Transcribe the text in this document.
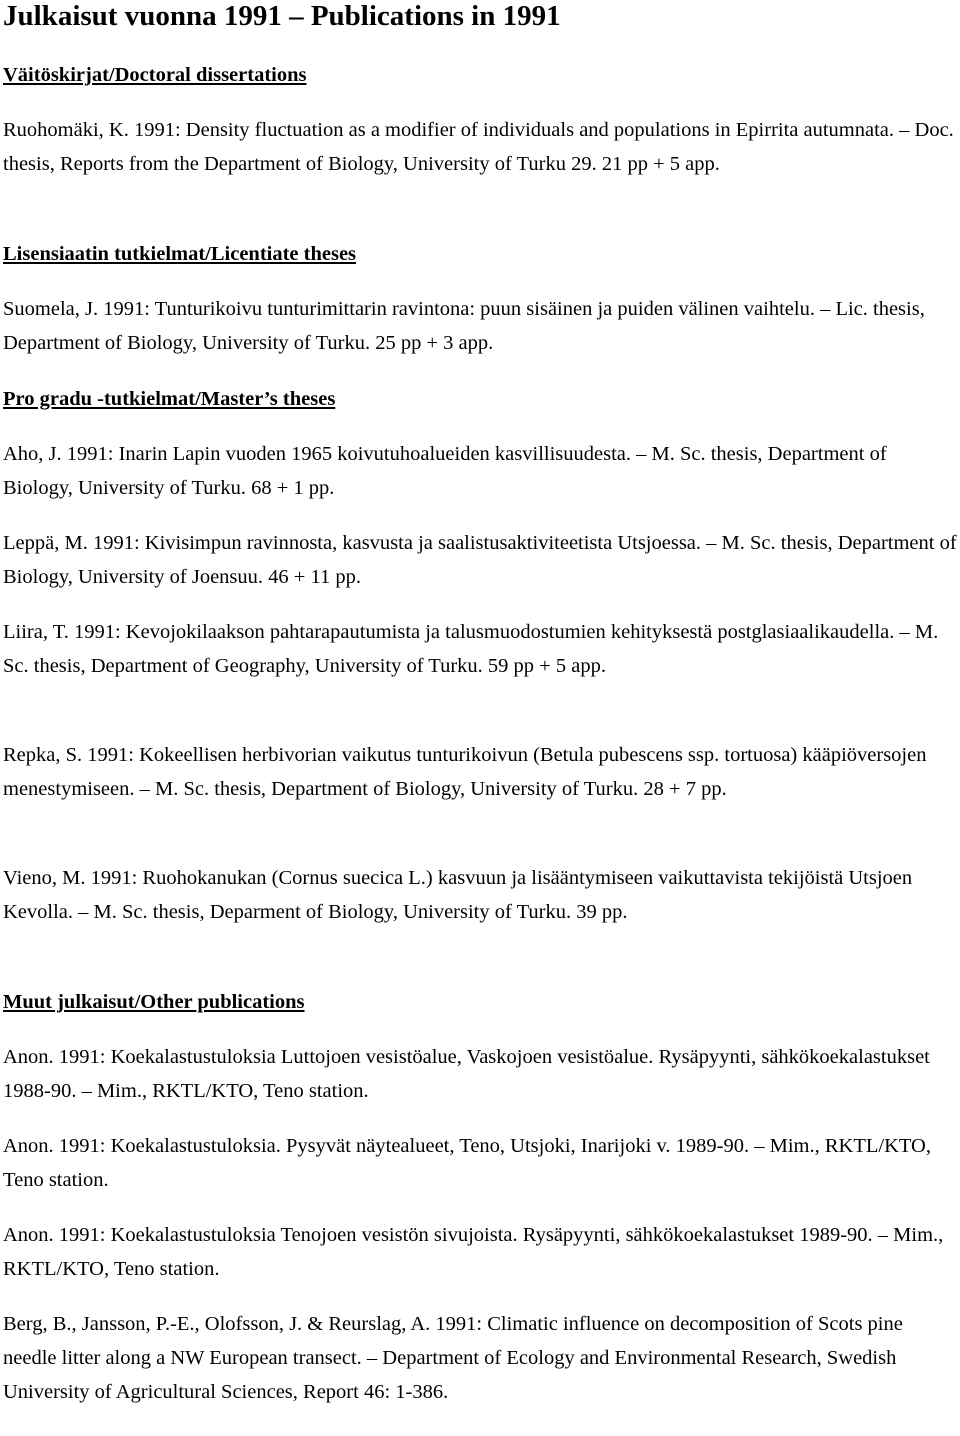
Julkaisut vuonna 1991 – Publications in 1991
Väitöskirjat/Doctoral dissertations

Ruohomäki, K. 1991: Density fluctuation as a modifier of individuals and populations in Epirrita autumnata. – Doc. thesis, Reports from the Department of Biology, University of Turku 29. 21 pp + 5 app.

Lisensiaatin tutkielmat/Licentiate theses

Suomela, J. 1991: Tunturikoivu tunturimittarin ravintona: puun sisäinen ja puiden välinen vaihtelu. – Lic. thesis, Department of Biology, University of Turku. 25 pp + 3 app.

Pro gradu -tutkielmat/Master’s theses

Aho, J. 1991: Inarin Lapin vuoden 1965 koivutuhoalueiden kasvillisuudesta. – M. Sc. thesis, Department of Biology, University of Turku. 68 + 1 pp.

Leppä, M. 1991: Kivisimpun ravinnosta, kasvusta ja saalistusaktiviteetista Utsjoessa. – M. Sc. thesis, Department of Biology, University of Joensuu. 46 + 11 pp.

Liira, T. 1991: Kevojokilaakson pahtarapautumista ja talusmuodostumien kehityksestä postglasiaalikaudella. – M. Sc. thesis, Department of Geography, University of Turku. 59 pp + 5 app.

Repka, S. 1991: Kokeellisen herbivorian vaikutus tunturikoivun (Betula pubescens ssp. tortuosa) kääpiöversojen menestymiseen. – M. Sc. thesis, Department of Biology, University of Turku. 28 + 7 pp.

Vieno, M. 1991: Ruohokanukan (Cornus suecica L.) kasvuun ja lisääntymiseen vaikuttavista tekijöistä Utsjoen Kevolla. – M. Sc. thesis, Deparment of Biology, University of Turku. 39 pp.

Muut julkaisut/Other publications

Anon. 1991: Koekalastustuloksia Luttojoen vesistöalue, Vaskojoen vesistöalue. Rysäpyynti, sähkökoekalastukset 1988-90. – Mim., RKTL/KTO, Teno station.

Anon. 1991: Koekalastustuloksia. Pysyvät näytealueet, Teno, Utsjoki, Inarijoki v. 1989-90. – Mim., RKTL/KTO, Teno station.

Anon. 1991: Koekalastustuloksia Tenojoen vesistön sivujoista. Rysäpyynti, sähkökoekalastukset 1989-90. – Mim., RKTL/KTO, Teno station.

Berg, B., Jansson, P.-E., Olofsson, J. & Reurslag, A. 1991: Climatic influence on decomposition of Scots pine needle litter along a NW European transect. – Department of Ecology and Environmental Research, Swedish University of Agricultural Sciences, Report 46: 1-386.
